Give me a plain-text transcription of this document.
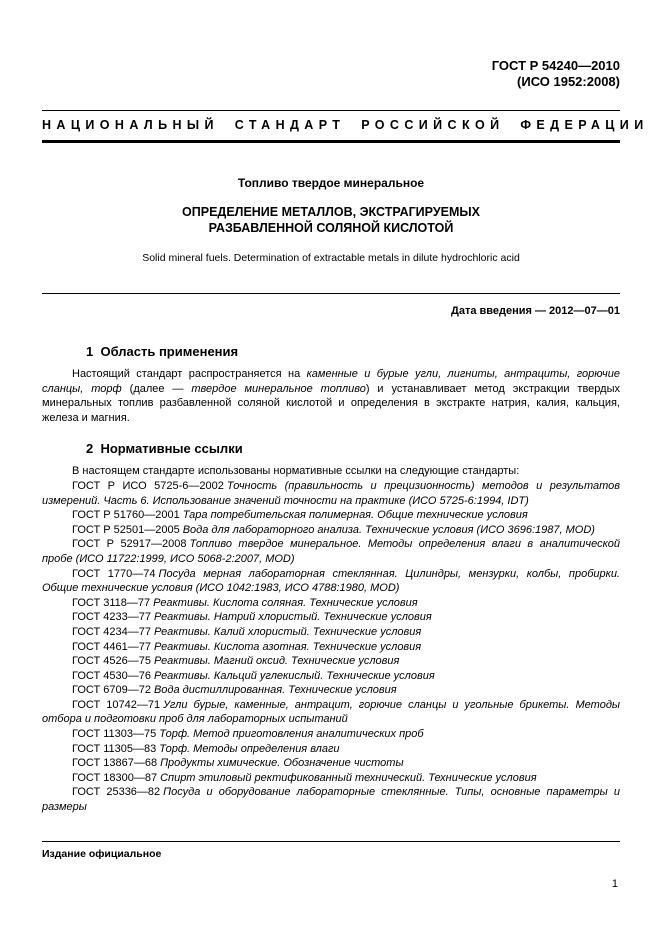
ГОСТ Р 54240—2010
(ИСО 1952:2008)
НАЦИОНАЛЬНЫЙ СТАНДАРТ РОССИЙСКОЙ ФЕДЕРАЦИИ
Топливо твердое минеральное
ОПРЕДЕЛЕНИЕ МЕТАЛЛОВ, ЭКСТРАГИРУЕМЫХ
РАЗБАВЛЕННОЙ СОЛЯНОЙ КИСЛОТОЙ
Solid mineral fuels. Determination of extractable metals in dilute hydrochloric acid
Дата введения — 2012—07—01
1  Область применения

Настоящий стандарт распространяется на каменные и бурые угли, лигниты, антрациты, горючие сланцы, торф (далее — твердое минеральное топливо) и устанавливает метод экстракции твердых минеральных топлив разбавленной соляной кислотой и определения в экстракте натрия, калия, кальция, железа и магния.

2  Нормативные ссылки

В настоящем стандарте использованы нормативные ссылки на следующие стандарты:

ГОСТ Р ИСО 5725-6—2002 Точность (правильность и прецизионность) методов и результатов измерений. Часть 6. Использование значений точности на практике (ИСО 5725-6:1994, IDT)

ГОСТ Р 51760—2001 Тара потребительская полимерная. Общие технические условия

ГОСТ Р 52501—2005 Вода для лабораторного анализа. Технические условия (ИСО 3696:1987, MOD)

ГОСТ Р 52917—2008 Топливо твердое минеральное. Методы определения влаги в аналитической пробе (ИСО 11722:1999, ИСО 5068-2:2007, MOD)

ГОСТ 1770—74 Посуда мерная лабораторная стеклянная. Цилиндры, мензурки, колбы, пробирки. Общие технические условия (ИСО 1042:1983, ИСО 4788:1980, MOD)

ГОСТ 3118—77 Реактивы. Кислота соляная. Технические условия

ГОСТ 4233—77 Реактивы. Натрий хлористый. Технические условия

ГОСТ 4234—77 Реактивы. Калий хлористый. Технические условия

ГОСТ 4461—77 Реактивы. Кислота азотная. Технические условия

ГОСТ 4526—75 Реактивы. Магний оксид. Технические условия

ГОСТ 4530—76 Реактивы. Кальций углекислый. Технические условия

ГОСТ 6709—72 Вода дистиллированная. Технические условия

ГОСТ 10742—71 Угли бурые, каменные, антрацит, горючие сланцы и угольные брикеты. Методы отбора и подготовки проб для лабораторных испытаний

ГОСТ 11303—75 Торф. Метод приготовления аналитических проб

ГОСТ 11305—83 Торф. Методы определения влаги

ГОСТ 13867—68 Продукты химические. Обозначение чистоты

ГОСТ 18300—87 Спирт этиловый ректификованный технический. Технические условия

ГОСТ 25336—82 Посуда и оборудование лабораторные стеклянные. Типы, основные параметры и размеры

Издание официальное
1
